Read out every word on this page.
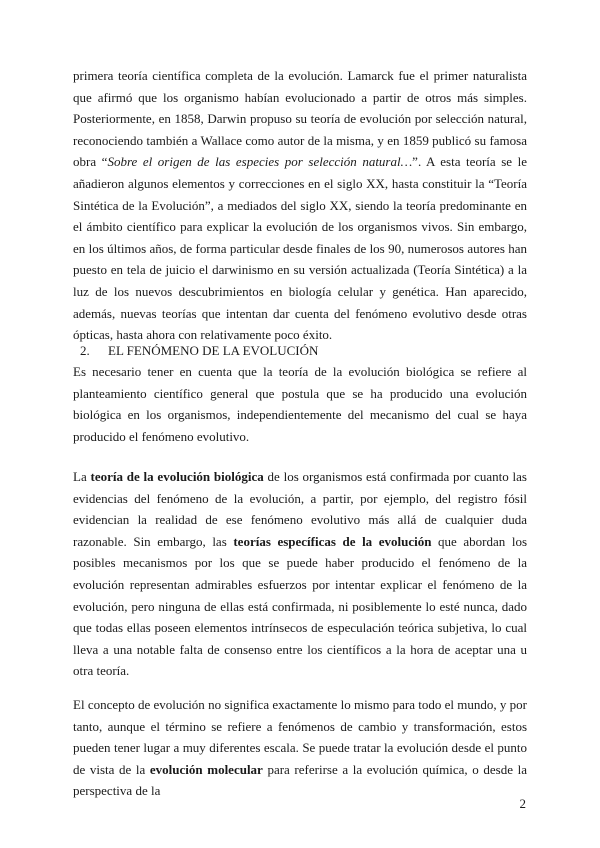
primera teoría científica completa de la evolución. Lamarck fue el primer naturalista que afirmó que los organismo habían evolucionado a partir de otros más simples. Posteriormente, en 1858, Darwin propuso su teoría de evolución por selección natural, reconociendo también a Wallace como autor de la misma, y en 1859 publicó su famosa obra “Sobre el origen de las especies por selección natural…”. A esta teoría se le añadieron algunos elementos y correcciones en el siglo XX, hasta constituir la “Teoría Sintética de la Evolución”, a mediados del siglo XX, siendo la teoría predominante en el ámbito científico para explicar la evolución de los organismos vivos. Sin embargo, en los últimos años, de forma particular desde finales de los 90, numerosos autores han puesto en tela de juicio el darwinismo en su versión actualizada (Teoría Sintética) a la luz de los nuevos descubrimientos en biología celular y genética. Han aparecido, además, nuevas teorías que intentan dar cuenta del fenómeno evolutivo desde otras ópticas, hasta ahora con relativamente poco éxito.

2. EL FENÓMENO DE LA EVOLUCIÓN

Es necesario tener en cuenta que la teoría de la evolución biológica se refiere al planteamiento científico general que postula que se ha producido una evolución biológica en los organismos, independientemente del mecanismo del cual se haya producido el fenómeno evolutivo.

La teoría de la evolución biológica de los organismos está confirmada por cuanto las evidencias del fenómeno de la evolución, a partir, por ejemplo, del registro fósil evidencian la realidad de ese fenómeno evolutivo más allá de cualquier duda razonable. Sin embargo, las teorías específicas de la evolución que abordan los posibles mecanismos por los que se puede haber producido el fenómeno de la evolución representan admirables esfuerzos por intentar explicar el fenómeno de la evolución, pero ninguna de ellas está confirmada, ni posiblemente lo esté nunca, dado que todas ellas poseen elementos intrínsecos de especulación teórica subjetiva, lo cual lleva a una notable falta de consenso entre los científicos a la hora de aceptar una u otra teoría.

El concepto de evolución no significa exactamente lo mismo para todo el mundo, y por tanto, aunque el término se refiere a fenómenos de cambio y transformación, estos pueden tener lugar a muy diferentes escala. Se puede tratar la evolución desde el punto de vista de la evolución molecular para referirse a la evolución química, o desde la perspectiva de la

2
